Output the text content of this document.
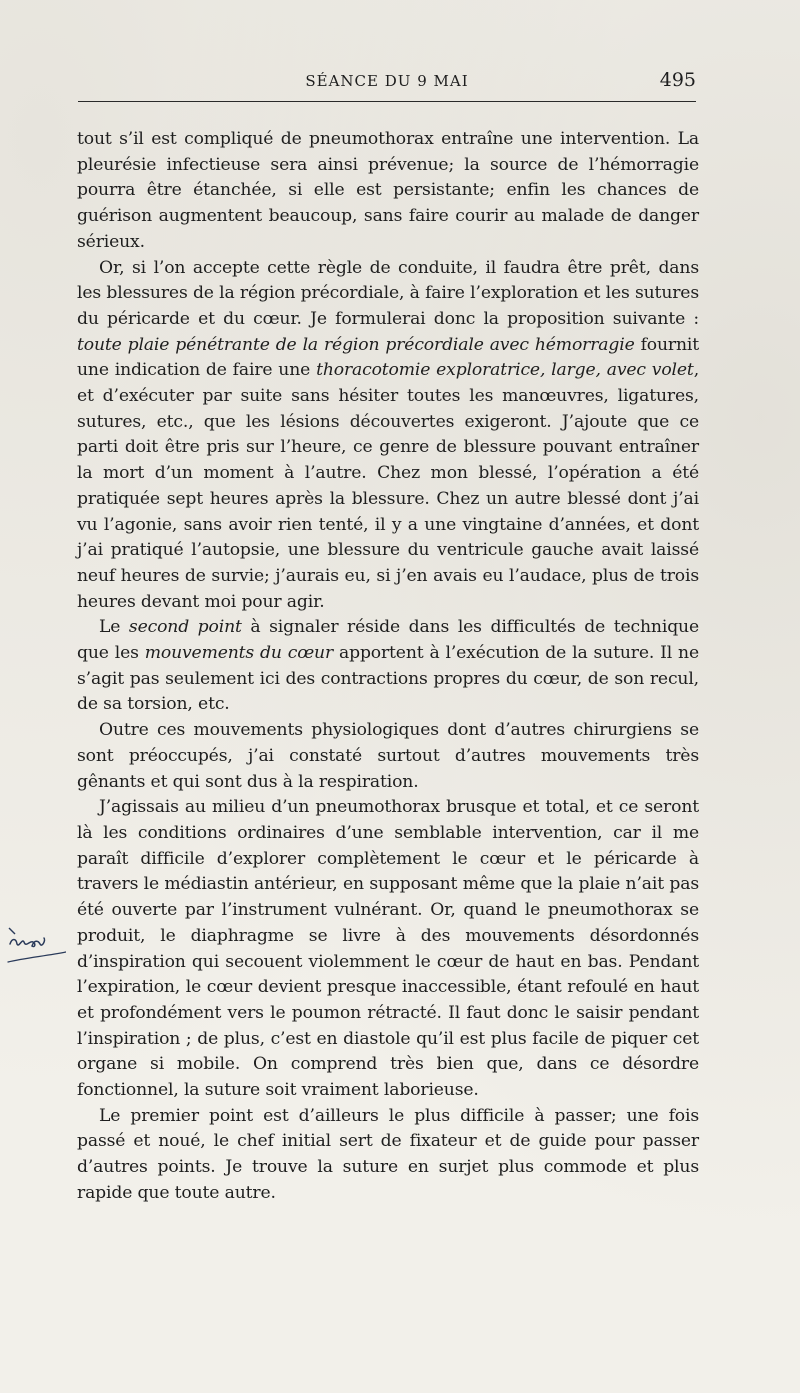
SÉANCE DU 9 MAI	495

tout s’il est compliqué de pneumothorax entraîne une intervention. La pleurésie infectieuse sera ainsi prévenue; la source de l’hémorragie pourra être étanchée, si elle est persistante; enfin les chances de guérison augmentent beaucoup, sans faire courir au malade de danger sérieux.

Or, si l’on accepte cette règle de conduite, il faudra être prêt, dans les blessures de la région précordiale, à faire l’exploration et les sutures du péricarde et du cœur. Je formulerai donc la proposition suivante : toute plaie pénétrante de la région précordiale avec hémorragie fournit une indication de faire une thoracotomie exploratrice, large, avec volet, et d’exécuter par suite sans hésiter toutes les manœuvres, ligatures, sutures, etc., que les lésions découvertes exigeront. J’ajoute que ce parti doit être pris sur l’heure, ce genre de blessure pouvant entraîner la mort d’un moment à l’autre. Chez mon blessé, l’opération a été pratiquée sept heures après la blessure. Chez un autre blessé dont j’ai vu l’agonie, sans avoir rien tenté, il y a une vingtaine d’années, et dont j’ai pratiqué l’autopsie, une blessure du ventricule gauche avait laissé neuf heures de survie; j’aurais eu, si j’en avais eu l’audace, plus de trois heures devant moi pour agir.

Le second point à signaler réside dans les difficultés de technique que les mouvements du cœur apportent à l’exécution de la suture. Il ne s’agit pas seulement ici des contractions propres du cœur, de son recul, de sa torsion, etc.

Outre ces mouvements physiologiques dont d’autres chirurgiens se sont préoccupés, j’ai constaté surtout d’autres mouvements très gênants et qui sont dus à la respiration.

J’agissais au milieu d’un pneumothorax brusque et total, et ce seront là les conditions ordinaires d’une semblable intervention, car il me paraît difficile d’explorer complètement le cœur et le péricarde à travers le médiastin antérieur, en supposant même que la plaie n’ait pas été ouverte par l’instrument vulnérant. Or, quand le pneumothorax se produit, le diaphragme se livre à des mouvements désordonnés d’inspiration qui secouent violemment le cœur de haut en bas. Pendant l’expiration, le cœur devient presque inaccessible, étant refoulé en haut et profondément vers le poumon rétracté. Il faut donc le saisir pendant l’inspiration ; de plus, c’est en diastole qu’il est plus facile de piquer cet organe si mobile. On comprend très bien que, dans ce désordre fonctionnel, la suture soit vraiment laborieuse.

Le premier point est d’ailleurs le plus difficile à passer; une fois passé et noué, le chef initial sert de fixateur et de guide pour passer d’autres points. Je trouve la suture en surjet plus commode et plus rapide que toute autre.
